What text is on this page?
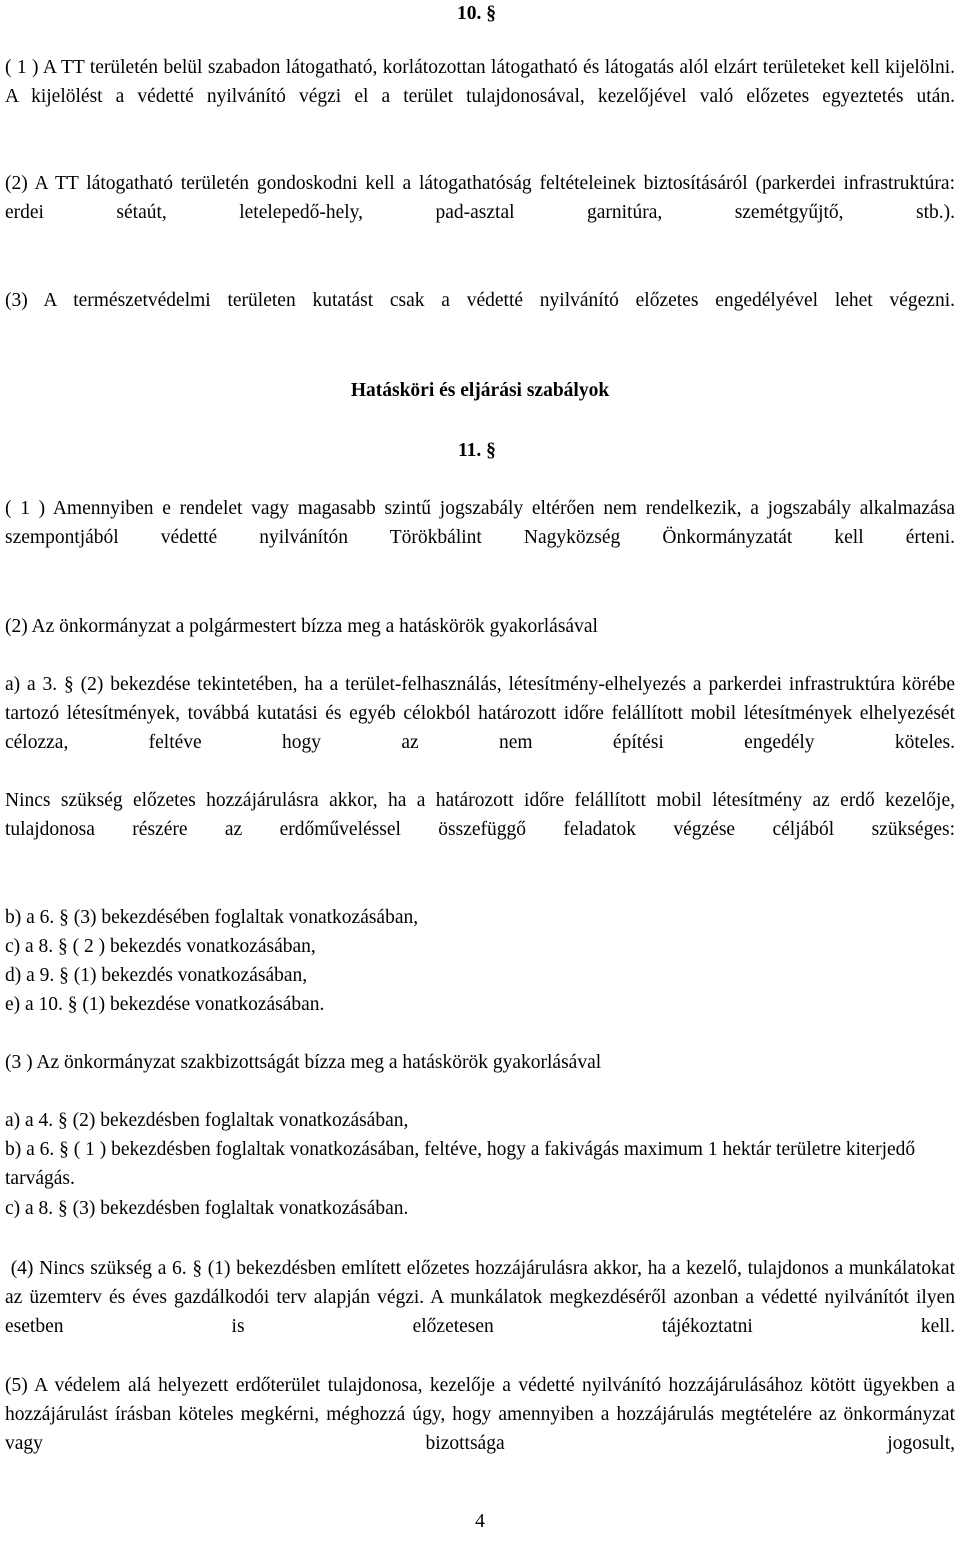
10. §

( 1 ) A TT területén belül szabadon látogatható, korlátozottan látogatható és látogatás alól elzárt területeket kell kijelölni. A kijelölést a védetté nyilvánító végzi el a terület tulajdonosával, kezelőjével való előzetes egyeztetés után.

(2) A TT látogatható területén gondoskodni kell a látogathatóság feltételeinek biztosításáról (parkerdei infrastruktúra: erdei sétaút, letelepedő-hely, pad-asztal garnitúra, szemétgyűjtő, stb.).

(3) A természetvédelmi területen kutatást csak a védetté nyilvánító előzetes engedélyével lehet végezni.

Hatásköri és eljárási szabályok
11. §

( 1 ) Amennyiben e rendelet vagy magasabb szintű jogszabály eltérően nem rendelkezik, a jogszabály alkalmazása szempontjából védetté nyilvánítón Törökbálint Nagyközség Önkormányzatát kell érteni.

(2) Az önkormányzat a polgármestert bízza meg a hatáskörök gyakorlásával

a) a 3. § (2) bekezdése tekintetében, ha a terület-felhasználás, létesítmény-elhelyezés a parkerdei infrastruktúra körébe tartozó létesítmények, továbbá kutatási és egyéb célokból határozott időre felállított mobil létesítmények elhelyezését célozza, feltéve hogy az nem építési engedély köteles.

Nincs szükség előzetes hozzájárulásra akkor, ha a határozott időre felállított mobil létesítmény az erdő kezelője, tulajdonosa részére az erdőműveléssel összefüggő feladatok végzése céljából szükséges:

b) a 6. § (3) bekezdésében foglaltak vonatkozásában,

c) a 8. § ( 2 ) bekezdés vonatkozásában,

d) a 9. § (1) bekezdés vonatkozásában,

e) a 10. § (1) bekezdése vonatkozásában.

(3 ) Az önkormányzat szakbizottságát bízza meg a hatáskörök gyakorlásával

a) a 4. § (2) bekezdésben foglaltak vonatkozásában,

b) a 6. § ( 1 ) bekezdésben foglaltak vonatkozásában, feltéve, hogy a fakivágás maximum 1 hektár területre kiterjedő tarvágás.

c) a 8. § (3) bekezdésben foglaltak vonatkozásában.

(4) Nincs szükség a 6. § (1) bekezdésben említett előzetes hozzájárulásra akkor, ha a kezelő, tulajdonos a munkálatokat az üzemterv és éves gazdálkodói terv alapján végzi. A munkálatok megkezdéséről azonban a védetté nyilvánítót ilyen esetben is előzetesen tájékoztatni kell.

(5) A védelem alá helyezett erdőterület tulajdonosa, kezelője a védetté nyilvánító hozzájárulásához kötött ügyekben a hozzájárulást írásban köteles megkérni, méghozzá úgy, hogy amennyiben a hozzájárulás megtételére az önkormányzat vagy bizottsága jogosult,

4
